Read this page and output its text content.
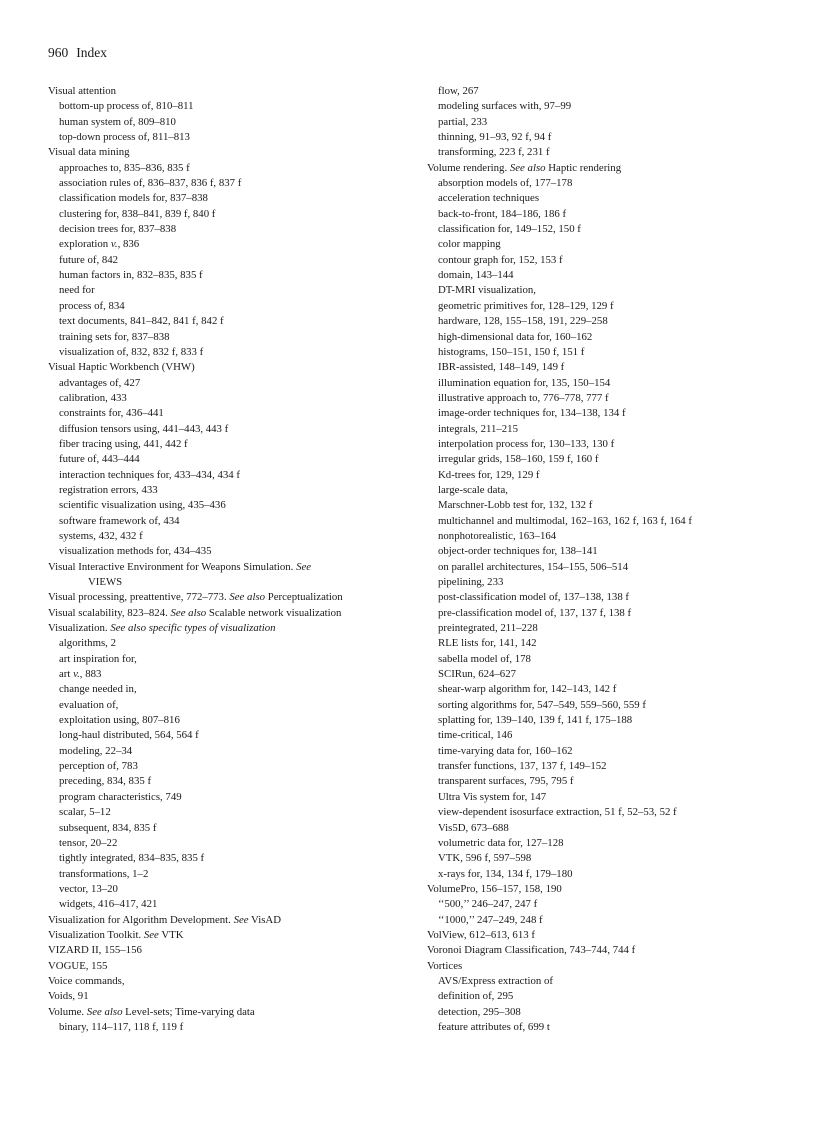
960 Index
Visual attention
bottom-up process of, 810–811
human system of, 809–810
top-down process of, 811–813
Visual data mining
approaches to, 835–836, 835 f
association rules of, 836–837, 836 f, 837 f
classification models for, 837–838
clustering for, 838–841, 839 f, 840 f
decision trees for, 837–838
exploration v., 836
future of, 842
human factors in, 832–835, 835 f
need for
process of, 834
text documents, 841–842, 841 f, 842 f
training sets for, 837–838
visualization of, 832, 832 f, 833 f
Visual Haptic Workbench (VHW)
advantages of, 427
calibration, 433
constraints for, 436–441
diffusion tensors using, 441–443, 443 f
fiber tracing using, 441, 442 f
future of, 443–444
interaction techniques for, 433–434, 434 f
registration errors, 433
scientific visualization using, 435–436
software framework of, 434
systems, 432, 432 f
visualization methods for, 434–435
Visual Interactive Environment for Weapons Simulation. See
VIEWS
Visual processing, preattentive, 772–773. See also Perceptualization
Visual scalability, 823–824. See also Scalable network visualization
Visualization. See also specific types of visualization
algorithms, 2
art inspiration for,
art v., 883
change needed in,
evaluation of,
exploitation using, 807–816
long-haul distributed, 564, 564 f
modeling, 22–34
perception of, 783
preceding, 834, 835 f
program characteristics, 749
scalar, 5–12
subsequent, 834, 835 f
tensor, 20–22
tightly integrated, 834–835, 835 f
transformations, 1–2
vector, 13–20
widgets, 416–417, 421
Visualization for Algorithm Development. See VisAD
Visualization Toolkit. See VTK
VIZARD II, 155–156
VOGUE, 155
Voice commands,
Voids, 91
Volume. See also Level-sets; Time-varying data
binary, 114–117, 118 f, 119 f
flow, 267
modeling surfaces with, 97–99
partial, 233
thinning, 91–93, 92 f, 94 f
transforming, 223 f, 231 f
Volume rendering. See also Haptic rendering
absorption models of, 177–178
acceleration techniques
back-to-front, 184–186, 186 f
classification for, 149–152, 150 f
color mapping
contour graph for, 152, 153 f
domain, 143–144
DT-MRI visualization,
geometric primitives for, 128–129, 129 f
hardware, 128, 155–158, 191, 229–258
high-dimensional data for, 160–162
histograms, 150–151, 150 f, 151 f
IBR-assisted, 148–149, 149 f
illumination equation for, 135, 150–154
illustrative approach to, 776–778, 777 f
image-order techniques for, 134–138, 134 f
integrals, 211–215
interpolation process for, 130–133, 130 f
irregular grids, 158–160, 159 f, 160 f
Kd-trees for, 129, 129 f
large-scale data,
Marschner-Lobb test for, 132, 132 f
multichannel and multimodal, 162–163, 162 f, 163 f, 164 f
nonphotorealistic, 163–164
object-order techniques for, 138–141
on parallel architectures, 154–155, 506–514
pipelining, 233
post-classification model of, 137–138, 138 f
pre-classification model of, 137, 137 f, 138 f
preintegrated, 211–228
RLE lists for, 141, 142
sabella model of, 178
SCIRun, 624–627
shear-warp algorithm for, 142–143, 142 f
sorting algorithms for, 547–549, 559–560, 559 f
splatting for, 139–140, 139 f, 141 f, 175–188
time-critical, 146
time-varying data for, 160–162
transfer functions, 137, 137 f, 149–152
transparent surfaces, 795, 795 f
Ultra Vis system for, 147
view-dependent isosurface extraction, 51 f, 52–53, 52 f
Vis5D, 673–688
volumetric data for, 127–128
VTK, 596 f, 597–598
x-rays for, 134, 134 f, 179–180
VolumePro, 156–157, 158, 190
‘‘500,’’ 246–247, 247 f
‘‘1000,’’ 247–249, 248 f
VolView, 612–613, 613 f
Voronoi Diagram Classification, 743–744, 744 f
Vortices
AVS/Express extraction of
definition of, 295
detection, 295–308
feature attributes of, 699 t
